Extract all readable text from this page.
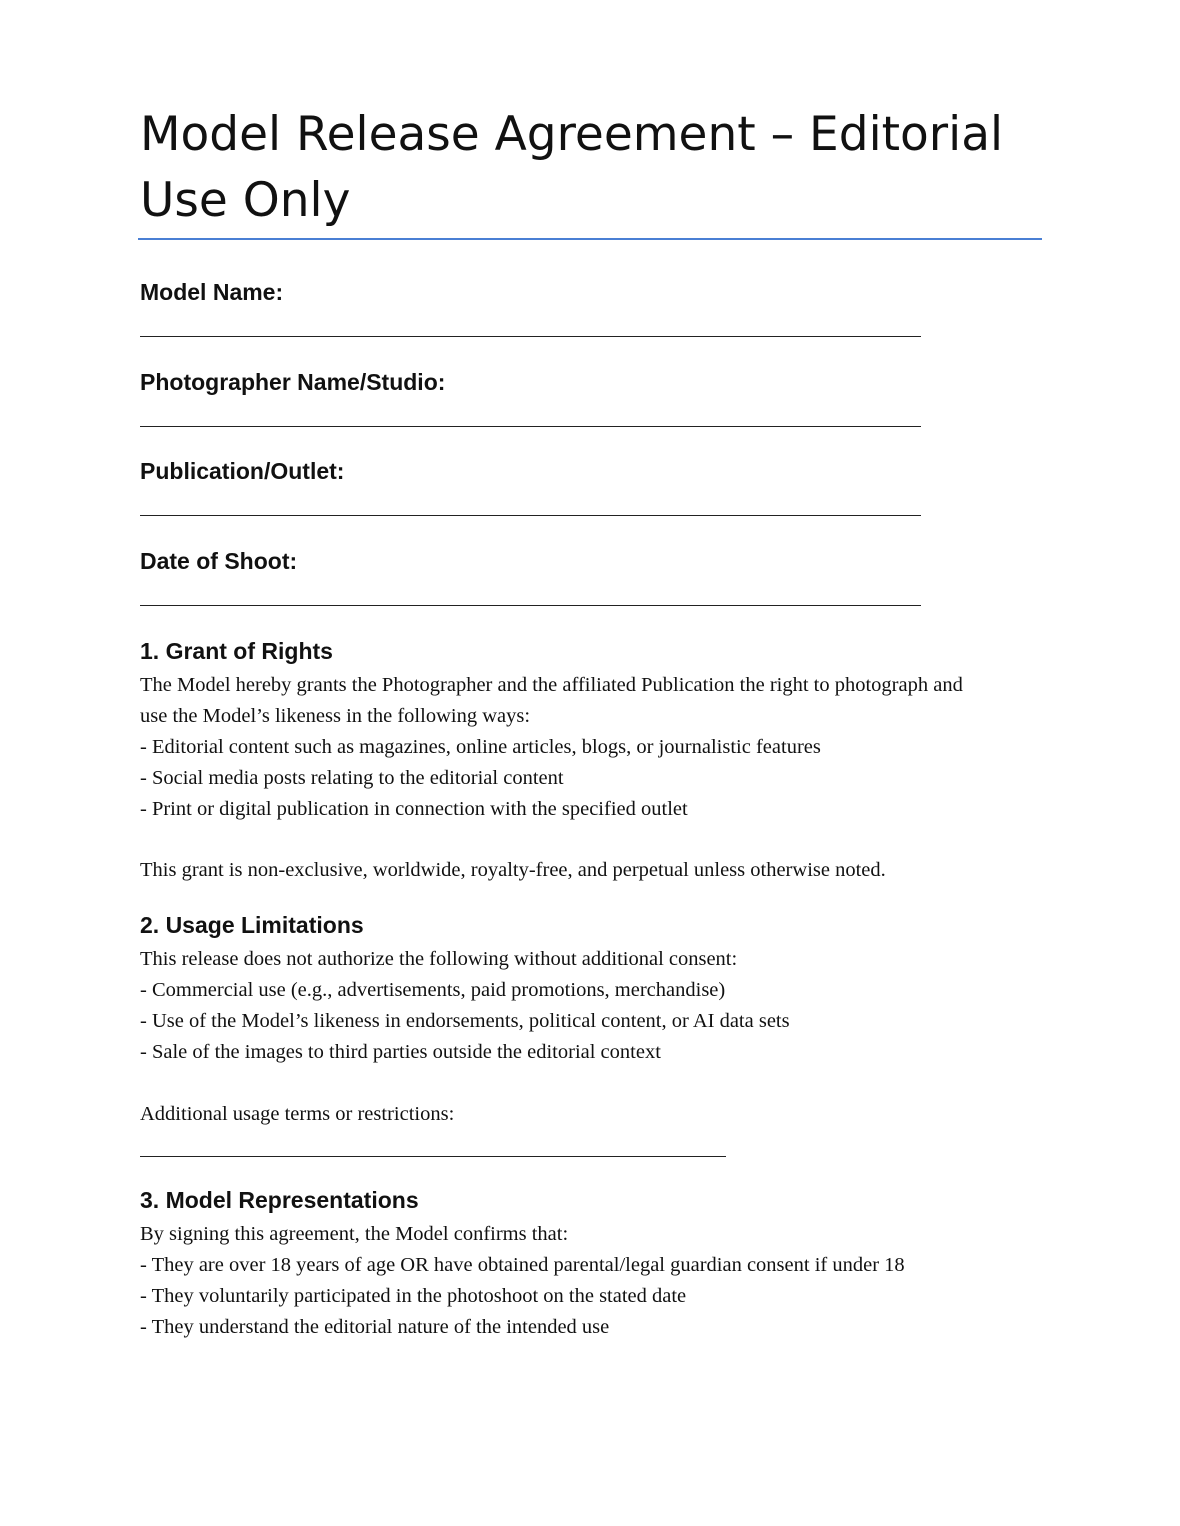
Model Release Agreement – Editorial Use Only
Model Name:
Photographer Name/Studio:
Publication/Outlet:
Date of Shoot:
1. Grant of Rights

The Model hereby grants the Photographer and the affiliated Publication the right to photograph and use the Model’s likeness in the following ways:

- Editorial content such as magazines, online articles, blogs, or journalistic features

- Social media posts relating to the editorial content

- Print or digital publication in connection with the specified outlet

This grant is non-exclusive, worldwide, royalty-free, and perpetual unless otherwise noted.

2. Usage Limitations

This release does not authorize the following without additional consent:

- Commercial use (e.g., advertisements, paid promotions, merchandise)

- Use of the Model’s likeness in endorsements, political content, or AI data sets

- Sale of the images to third parties outside the editorial context

Additional usage terms or restrictions:

3. Model Representations

By signing this agreement, the Model confirms that:

- They are over 18 years of age OR have obtained parental/legal guardian consent if under 18

- They voluntarily participated in the photoshoot on the stated date

- They understand the editorial nature of the intended use
